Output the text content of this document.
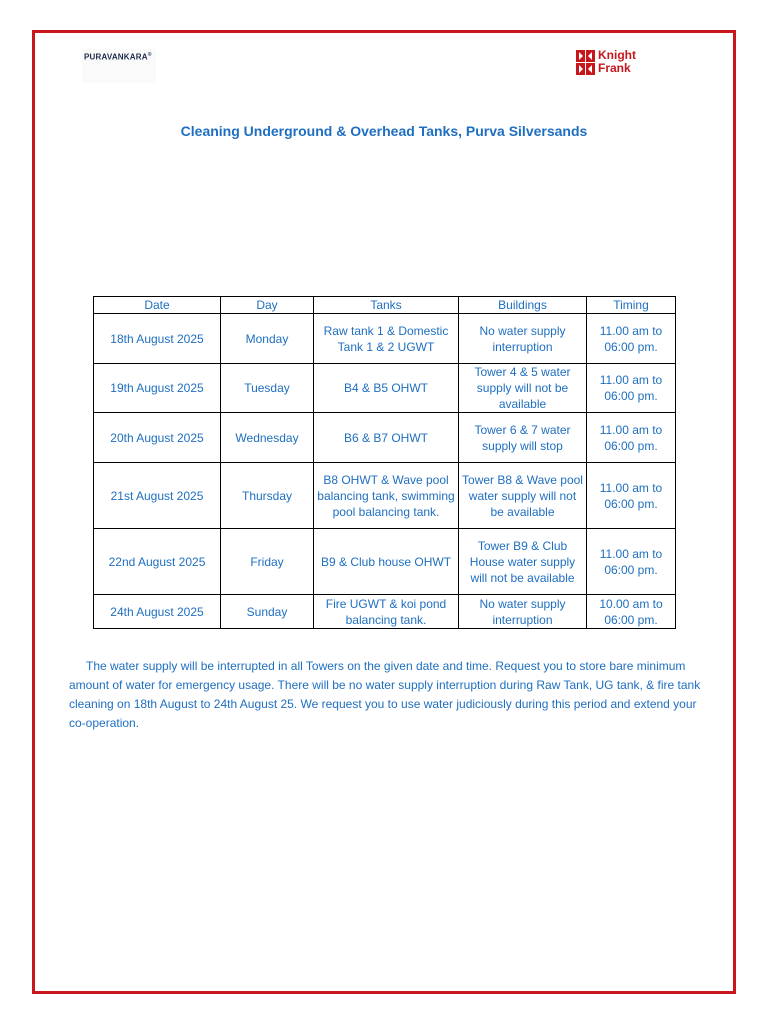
PURAVANKARA®	Knight
Frank
Cleaning Underground & Overhead Tanks, Purva Silversands
Date	Day	Tanks	Buildings	Timing
18th August 2025	Monday	Raw tank 1 & Domestic Tank 1 & 2 UGWT	No water supply interruption	11.00 am to 06:00 pm.
19th August 2025	Tuesday	B4 & B5 OHWT	Tower 4 & 5 water supply will not be available	11.00 am to 06:00 pm.
20th August 2025	Wednesday	B6 & B7 OHWT	Tower 6 & 7 water supply will stop	11.00 am to 06:00 pm.
21st August 2025	Thursday	B8 OHWT & Wave pool balancing tank, swimming pool balancing tank.	Tower B8 & Wave pool water supply will not be available	11.00 am to 06:00 pm.
22nd August 2025	Friday	B9 & Club house OHWT	Tower B9 & Club House water supply will not be available	11.00 am to 06:00 pm.
24th August 2025	Sunday	Fire UGWT & koi pond balancing tank.	No water supply interruption	10.00 am to 06:00 pm.

The water supply will be interrupted in all Towers on the given date and time. Request you to store bare minimum amount of water for emergency usage. There will be no water supply interruption during Raw Tank, UG tank, & fire tank cleaning on 18th August to 24th August 25. We request you to use water judiciously during this period and extend your co-operation.
